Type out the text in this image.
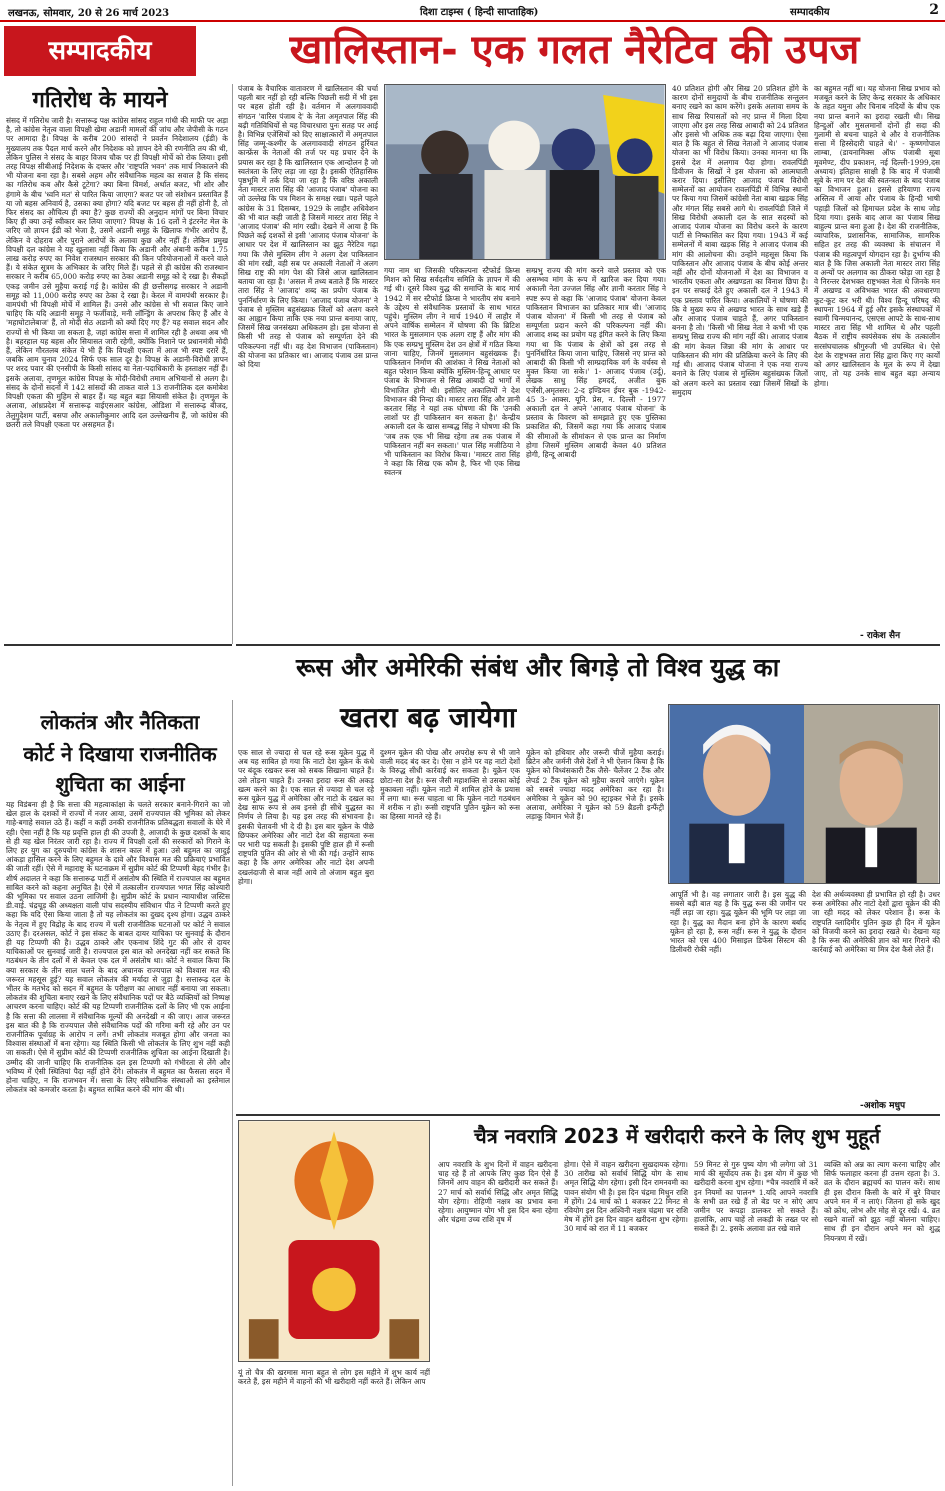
लखनऊ, सोमवार, 20 से 26 मार्च 2023	दिशा टाइम्स ( हिन्दी साप्ताहिक)	सम्पादकीय	2
सम्पादकीय
गतिरोध के मायने
संसद में गतिरोध जारी है। सत्तारूढ़ पक्ष कांग्रेस सांसद राहुल गांधी की माफी पर अड़ा है, तो कांग्रेस नेतृत्व वाला विपक्षी खेमा अडानी मामलों की जांच और जेपीसी के गठन पर आमादा है। विपक्ष के करीब 200 सांसदों ने प्रवर्तन निदेशालय (ईडी) के मुख्यालय तक पैदल मार्च करने और निदेशक को ज्ञापन देने की रणनीति तय की थी, लेकिन पुलिस ने संसद के बाहर विजय चौक पर ही विपक्षी मोर्चे को रोक लिया। इसी तरह विपक्ष सीबीआई निदेशक के दफ्तर और 'राष्ट्रपति भवन' तक मार्च निकालने की भी योजना बना रहा है। सबसे अहम और संवैधानिक महत्व का सवाल है कि संसद का गतिरोध कब और कैसे टूटेगा? क्या बिना विमर्श, अर्थात बजट, भी शोर और हंगामे के बीच 'ध्वनि मत' से पारित किया जाएगा? बजट पर जो संशोधन प्रस्तावित हैं या जो बहस अनिवार्य है, उसका क्या होगा? यदि बजट पर बहस ही नहीं होनी है, तो फिर संसद का औचित्य ही क्या है? कुछ राज्यों की अनुदान मांगों पर बिना विचार किए ही क्या उन्हें स्वीकार कर लिया जाएगा? विपक्ष के 16 दलों ने इंटरनेट मेल के जरिए जो ज्ञापन ईडी को भेजा है, उसमें अडानी समूह के खिलाफ गंभीर आरोप हैं, लेकिन वे दोहराव और पुराने आरोपों के अलावा कुछ और नहीं हैं। लेकिन प्रमुख विपक्षी दल कांग्रेस ने यह खुलासा नहीं किया कि अडानी और अंबानी करीब 1.75 लाख करोड़ रुपए का निवेश राजस्थान सरकार की किन परियोजनाओं में करने वाले हैं। ये संकेत सूत्रम के अभिकार के जरिए मिले हैं। पहले से ही कांग्रेस की राजस्थान सरकार ने करीब 65,000 करोड़ रुपए का ठेका अडानी समूह को दे रखा है। सैकड़ों एकड़ जमीन उसे मुहैया कराई गई है। कांग्रेस की ही छत्तीसगढ़ सरकार ने अडानी समूह को 11,000 करोड़ रुपए का ठेका दे रखा है। केरल में वामपंथी सरकार है। वामपंथी भी विपक्षी मोर्चे में शामिल हैं। उनसे और कांग्रेस से भी सवाल किए जाने चाहिए कि यदि अडानी समूह ने फर्जीवाड़े, मनी लॉन्ड्रिंग के अपराध किए हैं और वे 'महाघोटालेबाज' हैं, तो मोदी सेठ अडानी को क्यों दिए गए हैं? यह सवाल सदन और राज्यों से भी किया जा सकता है, जहां कांग्रेस सत्ता में शामिल रही है अथवा अब भी है। बहरहाल यह बहस और सियासत जारी रहेगी, क्योंकि निशाने पर प्रधानमंत्री मोदी हैं, लेकिन गौरतलब संकेत ये भी हैं कि विपक्षी एकता में आज भी स्पष्ट दरारें हैं, जबकि आम चुनाव 2024 सिर्फ एक साल दूर है। विपक्ष के अडानी-विरोधी ज्ञापन पर शरद पवार की एनसीपी के किसी सांसद या नेता-पदाधिकारी के हस्ताक्षर नहीं हैं। इसके अलावा, तृणमूल कांग्रेस विपक्ष के मोदी-विरोधी तमाम अभियानों से अलग है। संसद के दोनों सदनों में 142 सांसदों की ताकत वाले 13 राजनीतिक दल कमोबेश विपक्षी एकता की मुहिम से बाहर हैं। यह बहुत बड़ा सियासी संकेत है। तृणमूल के अलावा, आंध्रप्रदेश में सत्तारूढ़ वाईएसआर कांग्रेस, ओडिशा में सत्तारूढ़ बीजद, तेलुगुदेशम पार्टी, बसपा और अकालीकुमार आदि दल उल्लेखनीय हैं, जो कांग्रेस की छतरी तले विपक्षी एकता पर असहमत हैं।
खालिस्तान- एक गलत नैरेटिव की उपज
पंजाब के वैचारिक वातावरण में खालिस्तान की चर्चा पहली बार नहीं हो रही बल्कि पिछली सदी में भी इस पर बहस होती रही है। वर्तमान में अलगाववादी संगठन 'वारिस पंजाब दे' के नेता अमृतपाल सिंह की बढ़ी गतिविधियों से यह विचारधारा पुनः सतह पर आई है। विभिन्न एजेंसियों को दिए साक्षात्कारों में अमृतपाल सिंह जम्मू-कश्मीर के अलगाववादी संगठन हुर्रियत कान्फ्रेंस के नेताओं की तर्ज पर यह प्रचार देने के प्रयास कर रहा है कि खालिस्तान एक आन्दोलन है जो स्वतंत्रता के लिए लड़ा जा रहा है। इसकी ऐतिहासिक पृष्ठभूमि में तर्क दिया जा रहा है कि वरिष्ठ अकाली नेता मास्टर तारा सिंह की 'आजाद पंजाब' योजना का जो उल्लेख कि पत्र मिशन के समक्ष रखा। पहले पहले कांग्रेस के 31 दिसम्बर, 1929 के लाहौर अधिवेशन की भी बात कही जाती है जिसमें मास्टर तारा सिंह ने 'आजाद पंजाब' की मांग रखी। देखने में आया है कि पिछले कई दशकों से इसी 'आजाद पंजाब योजना' के आधार पर देश में खालिस्तान का झूठ नैरेटिव गढ़ा गया कि जैसे मुस्लिम लीग ने अलग देश पाकिस्तान की मांग रखी, वही सब पर अकाली नेताओं ने अलग सिख राष्ट्र की मांग पेश की जिसे आज खालिस्तान बताया जा रहा है। 'असल में तथ्य बताते हैं कि मास्टर तारा सिंह ने 'आजाद' शब्द का प्रयोग पंजाब के पुनर्निर्धारण के लिए किया। 'आजाद पंजाब योजना' ने पंजाब से मुस्लिम बहुसंख्यक जिलों को अलग करने का आह्वान किया ताकि एक नया प्रान्त बनाया जाए, जिसमें सिख जनसंख्या अधिकतम हो। इस योजना से किसी भी तरह से पंजाब को सम्पूर्णता देने की परिकल्पना नहीं थी। वह देश विभाजन (पाकिस्तान) की योजना का प्रतिकार था। आजाद पंजाब उस प्रान्त को दिया
गया नाम था जिसकी परिकल्पना स्टैफोर्ड क्रिप्स मिशन को सिख सर्वदलीय समिति के ज्ञापन में की गई थी। दूसरे विश्व युद्ध की समाप्ति के बाद मार्च 1942 में सर स्टैफोर्ड क्रिप्स ने भारतीय संघ बनाने के उद्देश्य से संवैधानिक प्रस्तावों के साथ भारत पहुंचे। मुस्लिम लीग ने मार्च 1940 में लाहौर में अपने वार्षिक सम्मेलन में घोषणा की कि ब्रिटिश भारत के मुसलमान एक अलग राष्ट्र हैं और मांग की कि एक सम्प्रभु मुस्लिम देश उन क्षेत्रों में गठित किया जाना चाहिए, जिनमें मुसलमान बहुसंख्यक हैं। पाकिस्तान निर्माण की आशंका ने सिख नेताओं को बहुत परेशान किया क्योंकि मुस्लिम-हिन्दू आधार पर पंजाब के विभाजन से सिख आबादी दो भागों में विभाजित होनी थी। इसीलिए अकालियों ने देश विभाजन की निन्दा की। मास्टर तारा सिंह और ज्ञानी करतार सिंह ने यहां तक घोषणा की कि 'उनकी लाशों पर ही पाकिस्तान बन सकता है।' केन्द्रीय अकाली दल के खास सम्बद्ध सिंह ने घोषणा की कि 'जब तक एक भी सिख रहेगा तब तक पंजाब में पाकिस्तान नहीं बन सकता।' पाल सिंह मजीठिया ने भी पाकिस्तान का विरोध किया। 'मास्टर तारा सिंह ने कहा कि सिख एक कौम है, फिर भी एक सिख स्वतन्त्र
सम्प्रभु राज्य की मांग करने वाले प्रस्ताव को एक असम्भव मांग के रूप में खारिज कर दिया गया। अकाली नेता उज्जल सिंह और ज्ञानी करतार सिंह ने स्पष्ट रूप से कहा कि 'आजाद पंजाब' योजना केवल पाकिस्तान विभाजन का प्रतिकार मात्र थी। 'आजाद पंजाब योजना' में किसी भी तरह से पंजाब को सम्पूर्णता प्रदान करने की परिकल्पना नहीं की। आजाद शब्द का प्रयोग यह इंगित करने के लिए किया गया था कि पंजाब के क्षेत्रों को इस तरह से पुनर्निर्धारित किया जाना चाहिए, जिससे नए प्रान्त को आबादी की किसी भी साम्प्रदायिक वर्ग के वर्चस्व से मुक्त किया जा सके।' 1- आजाद पंजाब (उर्दू), लेखक साधु सिंह हमदर्द, अजीत बुक एजेंसी,अमृतसर। 2-द इण्डियन ईयर बुक -1942-45 3- आक्स. यूनि. प्रेस, न. दिल्ली - 1977 अकाली दल ने अपने 'आजाद पंजाब योजना' के प्रस्ताव के विवरण को समझाते हुए एक पुस्तिका प्रकाशित की, जिसमें कहा गया कि आजाद पंजाब की सीमाओं के सीमांकन से एक प्रान्त का निर्माण होगा जिसमें मुस्लिम आबादी केवल 40 प्रतिशत होगी, हिन्दू आबादी
40 प्रतिशत होगी और सिख 20 प्रतिशत होंगे के कारण दोनों समुदायों के बीच राजनीतिक सन्तुलन बनाए रखने का काम करेंगे। इसके अलावा समय के साथ सिख रियासतों को नए प्रान्त में मिला दिया जाएगा और इस तरह सिख आबादी को 24 प्रतिशत और इससे भी अधिक तक बढ़ा दिया जाएगा। ऐसा बात है कि बहुत से सिख नेताओं ने आजाद पंजाब योजना का भी विरोध किया। उनका मानना था कि इससे देश में अलगाव पैदा होगा। रावलपिंडी डिवीजन के सिखों ने इस योजना को आत्मघाती करार दिया। इसीलिए आजाद पंजाब विरोधी सम्मेलनों का आयोजन रावलपिंडी में विभिन्न स्थानों पर किया गया जिसमें कांग्रेसी नेता बाबा खड़क सिंह और मंगल सिंह सबसे आगे थे। रावलपिंडी जिले में सिख विरोधी अकाली दल के सात सदस्यों को आजाद पंजाब योजना का विरोध करने के कारण पार्टी से निष्कासित कर दिया गया। 1943 में कई सम्मेलनों में बाबा खड़क सिंह ने आजाद पंजाब की मांग की आलोचना की। उन्होंने महसूस किया कि पाकिस्तान और आजाद पंजाब के बीच कोई अन्तर नहीं और दोनों योजनाओं में देश का विभाजन व भारतीय एकता और अखण्डता का विनाश छिपा है। इन पर सफाई देते हुए अकाली दल ने 1943 में एक प्रस्ताव पारित किया। अकालियों ने घोषणा की कि वे मुख्य रूप से अखण्ड भारत के साथ खड़े हैं और आजाद पंजाब चाहते हैं, अगर पाकिस्तान बनना है तो। 'किसी भी सिख नेता ने कभी भी एक सम्प्रभु सिख राज्य की मांग नहीं की। आजाद पंजाब की मांग केवल जिन्ना की मांग के आधार पर पाकिस्तान की मांग की प्रतिक्रिया करने के लिए की गई थी। आजाद पंजाब योजना ने एक नया राज्य बनाने के लिए पंजाब से मुस्लिम बहुसंख्यक जिलों को अलग करने का प्रस्ताव रखा जिसमें सिखों के समुदाय
का बहुमत नहीं था। यह योजना सिख प्रभाव को मजबूत करने के लिए केन्द्र सरकार के अधिकार के तहत यमुना और चिनाब नदियों के बीच एक नया प्रान्त बनाने का इरादा रखती थी। सिख हिन्दुओं और मुसलमानों दोनों ही सदा की गुलामी से बचना चाहते थे और वे राजनीतिक सत्ता में हिस्सेदारी चाहते थे।' - कृष्णगोपाल लाम्बा, (डायनामिक्स ऑफ पंजाबी सूबा मूवमेण्ट, दीप प्रकाशन, नई दिल्ली-1999,दस अध्याय) इतिहास साक्षी है कि बाद में पंजाबी सूबे के नाम पर देश की स्वतन्त्रता के बाद पंजाब का विभाजन हुआ। इससे हरियाणा राज्य अस्तित्व में आया और पंजाब के हिन्दी भाषी पहाड़ी जिलों को हिमाचल प्रदेश के साथ जोड़ दिया गया। इसके बाद आज का पंजाब सिख बाहुल्य प्रान्त बना हुआ है। देश की राजनीतिक, व्यापारिक, प्रशासनिक, सामाजिक, सामरिक सहित हर तरह की व्यवस्था के संचालन में पंजाब की महत्वपूर्ण योगदान रहा है। दुर्भाग्य की बात है कि जिस अकाली नेता मास्टर तारा सिंह व अन्यों पर अलगाव का ठीकरा फोड़ा जा रहा है वे निरन्तर देशभक्त राष्ट्रभक्त नेता थे जिनके मन में अखण्ड व अविभक्त भारत की अवधारणा कूट-कूट कर भरी थी। विश्व हिन्दू परिषद् की स्थापना 1964 में हुई और इसके संस्थापकों में स्वामी चिन्मयानन्द, एसएस आपटे के साथ-साथ मास्टर तारा सिंह भी शामिल थे और पहली बैठक में राष्ट्रीय स्वयंसेवक संघ के तत्कालीन सरसंघचालक श्रीगुरुजी भी उपस्थित थे। ऐसे देश के राष्ट्रभक्त तारा सिंह द्वारा किए गए कार्यों को अगर खालिस्तान के मूल के रूप में देखा जाए, तो यह उनके साथ बहुत बड़ा अन्याय होगा।
- राकेश सैन
रूस और अमेरिकी संबंध और बिगड़े तो विश्व युद्ध का
खतरा बढ़ जायेगा
एक साल से ज्यादा से चल रहे रूस यूक्रेन युद्ध में अब यह साबित हो गया कि नाटो देश यूक्रेन के कंधे पर बंदूक रखकर रूस को सबक सिखाना चाहते हैं। उसे तोड़ना चाहते हैं। उनका इरादा रूस की अकड़ खत्म करने का है। एक साल से ज्यादा से चल रहे रूस यूक्रेन युद्ध में अमेरिका और नाटो के दखल का देख साफ रूप से अब इनसे ही सीधे युद्धस्त का निर्णय ले लिया है। यह इस तरह की संभावना है। इसकी चेतावनी भी दे दी है। इस बार यूक्रेन के पीछे छिपकर अमेरिका और नाटो देश की सहायता रूस पर भारी पड़ सकती है। इसकी पुष्टि हाल ही में रूसी राष्ट्रपति पुतिन की ओर से भी की गई। उन्होंने साफ कहा है कि अगर अमेरिका और नाटो देश अपनी दखलंदाजी से बाज नहीं आये तो अंजाम बहुत बुरा होगा।
दुश्मन यूक्रेन की पोख और अपरोक्ष रूप से भी जाने वाली मदद बंद कर दे। ऐसा न होने पर वह नाटो देशों के विरुद्ध सीधी कार्रवाई कर सकता है। यूक्रेन एक छोटा-सा देश है। रूस जैसी महाशक्ति से उसका कोई मुकाबला नहीं। यूक्रेन नाटो में शामिल होने के प्रयास में लगा था। रूस चाहता था कि यूक्रेन नाटो गठबंधन में शरीक न हो। रूसी राष्ट्रपति पुतिन यूक्रेन को रूस का हिस्सा मानते रहे हैं।
यूक्रेन को हथियार और जरूरी चीजें मुहैया कराई। ब्रिटेन और जर्मनी जैसे देशों ने भी ऐलान किया है कि यूक्रेन को विध्वंसकारी टैंक जैसे- चैलेंजर 2 टैंक और लेपर्ड 2 टैंक यूक्रेन को मुहैया कराये जाएंगे। यूक्रेन को सबसे ज्यादा मदद अमेरिका कर रहा है। अमेरिका ने यूक्रेन को 90 स्ट्राइकर भेजे हैं। इसके अलावा, अमेरिका ने यूक्रेन को 59 ब्रैडली इन्फैंट्री लड़ाकू विमान भेजे हैं।
आपूर्ति भी है। वह लगातार जारी है। इस युद्ध की सबसे बड़ी बात यह है कि युद्ध रूस की जमीन पर नहीं लड़ा जा रहा। युद्ध यूक्रेन की भूमि पर लड़ा जा रहा है। युद्ध का मैदान बना होने के कारण बर्बाद यूक्रेन हो रहा है, रूस नहीं। रूस ने युद्ध के दौरान भारत को एस 400 मिसाइल डिफेंस सिस्टम की डिलीवरी रोकी नहीं।
देश की अर्थव्यवस्था ही प्रभावित हो रही है। उधर रूस अमेरिका और नाटो देशों द्वारा यूक्रेन की की जा रही मदद को लेकर परेशान है। रूस के राष्ट्रपति व्लादिमीर पुतिन कुछ ही दिन में यूक्रेन को विजयी करने का इरादा रखते थे। देखना यह है कि रूस की अमेरिकी ज्ञान को मार गिराने की कार्रवाई को अमेरिका या मित्र देश कैसे लेते हैं।
-अशोक मधुप
लोकतंत्र और नैतिकता
कोर्ट ने दिखाया राजनीतिक
शुचिता का आईना
यह विडंबना ही है कि सत्ता की महत्वाकांक्षा के चलते सरकार बनाने-गिराने का जो खेल हाल के दशकों में राज्यों में नजर आया, उसमें राज्यपाल की भूमिका को लेकर गाहे-बगाहे सवाल उठे हैं। कहीं न कहीं उनकी राजनीतिक प्रतिबद्धता सवालों के घेरे में रही। ऐसा नहीं है कि यह प्रवृत्ति हाल ही की उपजी है, आजादी के कुछ दशकों के बाद से ही यह खेल निरंतर जारी रहा है। राज्य में विपक्षी दलों की सरकारों को गिराने के लिए हर युग का दुरुपयोग कांग्रेस के शासन काल में हुआ। उसे बहुमत का जादुई आंकड़ा हासिल करने के लिए बहुमत के दावे और विश्वास मत की प्रक्रियाएं प्रभावित की जाती रहीं। ऐसे में महाराष्ट्र के घटनाक्रम में सुप्रीम कोर्ट की टिप्पणी बेहद गंभीर है। शीर्ष अदालत ने कहा कि सत्तारूढ़ पार्टी में असंतोष की स्थिति में राज्यपाल का बहुमत साबित करने को कहना अनुचित है। ऐसे में तत्कालीन राज्यपाल भगत सिंह कोश्यारी की भूमिका पर सवाल उठना लाजिमी है। सुप्रीम कोर्ट के प्रधान न्यायाधीश जस्टिस डी.वाई. चंद्रचूड़ की अध्यक्षता वाली पांच सदस्यीय संविधान पीठ ने टिप्पणी करते हुए कहा कि यदि ऐसा किया जाता है तो यह लोकतंत्र का दुखद दृश्य होगा। उद्धव ठाकरे के नेतृत्व में हुए विद्रोह के बाद राज्य में चली राजनीतिक घटनाओं पर कोर्ट ने सवाल उठाए हैं। दरअसल, कोर्ट ने इस संकट के बाबत दायर याचिका पर सुनवाई के दौरान ही यह टिप्पणी की है। उद्धव ठाकरे और एकनाथ शिंदे गुट की ओर से दायर याचिकाओं पर सुनवाई जारी है। राज्यपाल इस बात को अनदेखा नहीं कर सकते कि गठबंधन के तीन दलों में से केवल एक दल में असंतोष था। कोर्ट ने सवाल किया कि क्या सरकार के तीन साल चलने के बाद अचानक राज्यपाल को विश्वास मत की जरूरत महसूस हुई? यह सवाल लोकतंत्र की मर्यादा से जुड़ा है। सत्तारूढ़ दल के भीतर के मतभेद को सदन में बहुमत के परीक्षण का आधार नहीं बनाया जा सकता। लोकतंत्र की शुचिता बनाए रखने के लिए संवैधानिक पदों पर बैठे व्यक्तियों को निष्पक्ष आचरण करना चाहिए। कोर्ट की यह टिप्पणी राजनीतिक दलों के लिए भी एक आईना है कि सत्ता की लालसा में संवैधानिक मूल्यों की अनदेखी न की जाए। आज जरूरत इस बात की है कि राज्यपाल जैसे संवैधानिक पदों की गरिमा बनी रहे और उन पर राजनीतिक पूर्वाग्रह के आरोप न लगें। तभी लोकतंत्र मजबूत होगा और जनता का विश्वास संस्थाओं में बना रहेगा। यह स्थिति किसी भी लोकतंत्र के लिए शुभ नहीं कही जा सकती। ऐसे में सुप्रीम कोर्ट की टिप्पणी राजनीतिक शुचिता का आईना दिखाती है। उम्मीद की जानी चाहिए कि राजनीतिक दल इस टिप्पणी को गंभीरता से लेंगे और भविष्य में ऐसी स्थितियां पैदा नहीं होने देंगे। लोकतंत्र में बहुमत का फैसला सदन में होना चाहिए, न कि राजभवन में। सत्ता के लिए संवैधानिक संस्थाओं का इस्तेमाल लोकतंत्र को कमजोर करता है। बहुमत साबित करने की मांग की थी।
यूं तो चैत्र की खरमास माना बहुत से लोग इस महीने में शुभ कार्य नहीं करते हैं, इस महीने में वाहनों की भी खरीदारी नहीं करते हैं। लेकिन आप
चैत्र नवरात्रि 2023 में खरीदारी करने के लिए शुभ मुहूर्त
आप नवरात्रि के शुभ दिनों में वाहन खरीदना चाह रहे हैं तो आपके लिए कुछ दिन ऐसे हैं जिनमें आप वाहन की खरीदारी कर सकते हैं। 27 मार्च को सर्वार्थ सिद्धि और अमृत सिद्धि योग रहेगा। रोहिणी नक्षत्र का प्रभाव बना रहेगा। आयुष्मान योग भी इस दिन बना रहेगा और चंद्रमा उच्च राशि वृष में
होगा। ऐसे में वाहन खरीदना सुखदायक रहेगा। 30 तारीख को सर्वार्थ सिद्धि योग के साथ अमृत सिद्धि योग रहेगा। इसी दिन रामनवमी का पावन संयोग भी है। इस दिन चंद्रमा मिथुन राशि में होंगे। 24 मार्च को 1 बजकर 22 मिनट से रवियोग इस दिन अश्विनी नक्षत्र चंद्रमा चर राशि मेष में होंगे इस दिन वाहन खरीदना शुभ रहेगा। 30 मार्च को रात में 11 बजकर
59 मिनट से गुरु पुष्य योग भी लगेगा जो 31 मार्च की सूर्योदय तक है। इस योग में कुछ भी खरीदारी करना शुभ रहेगा। *चैत्र नवरात्रि में करें इन नियमों का पालन* 1.यदि आपने नवरात्रि के सभी व्रत रखे हैं तो बेड पर न सोएं आप जमीन पर कपड़ा डालकर सो सकते हैं। हालांकि, आप चाहें तो लकड़ी के तख्त पर सो सकते हैं। 2. इसके अलावा व्रत रखे वाले
व्यक्ति को अन्न का त्याग करना चाहिए और सिर्फ फलाहार करना ही उत्तम रहता है। 3. व्रत के दौरान ब्रह्मचर्य का पालन करें। साथ ही इस दौरान किसी के बारे में बुरे विचार अपने मन में न लाएं। जितना हो सके खुद को क्रोध, लोभ और मोह से दूर रखें। 4. व्रत रखने वालों को झूठ नहीं बोलना चाहिए। साथ ही इन दौरान अपने मन को शुद्ध नियन्त्रण में रखें।
